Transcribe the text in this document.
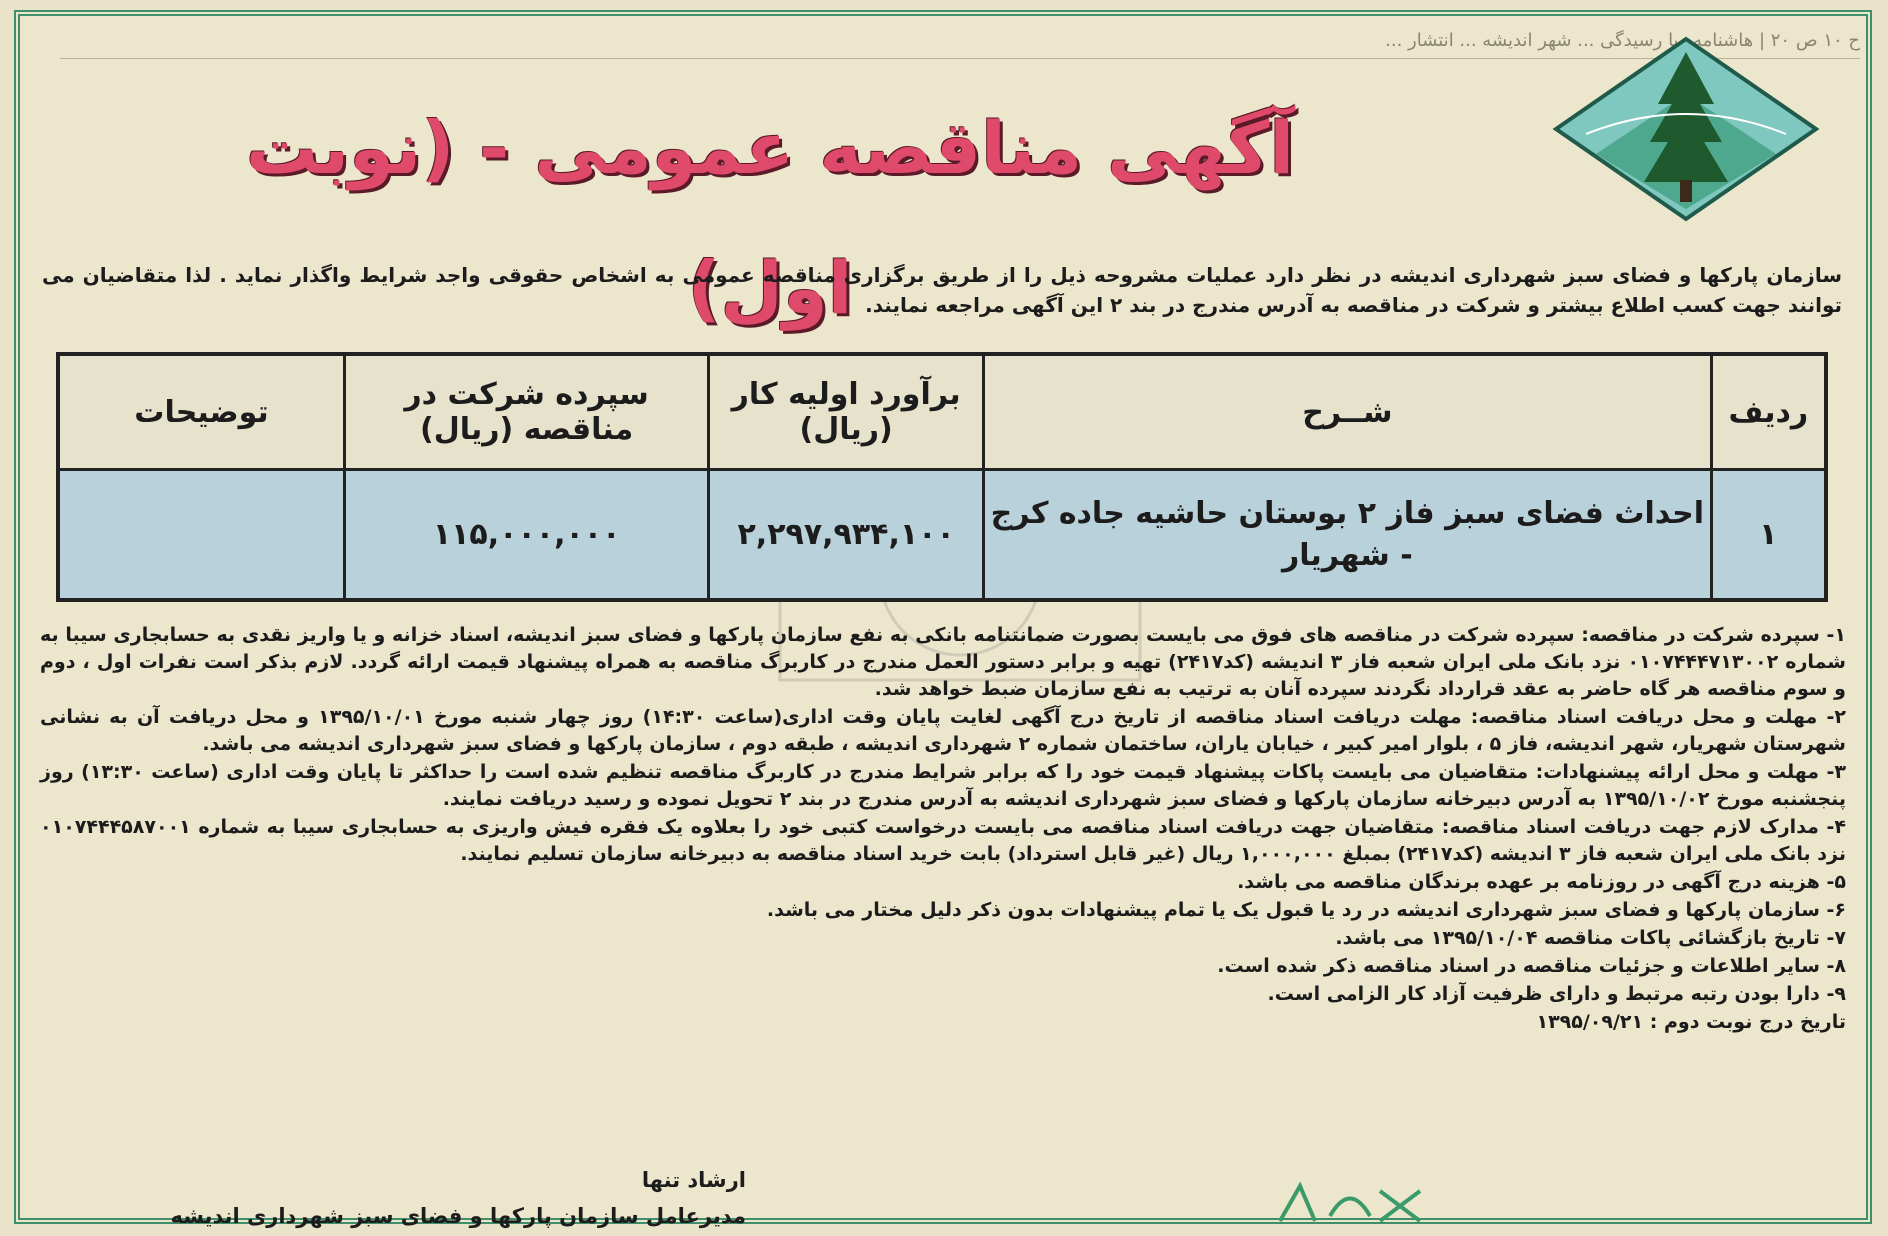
ح ۱۰ ص ۲۰ | هاشنامه ربا رسیدگی ... شهر اندیشه ... انتشار ...
آگهی مناقصه عمومی - (نوبت اول)
سازمان پارکها و فضای سبز شهرداری اندیشه در نظر دارد عملیات مشروحه ذیل را از طریق برگزاری مناقصه عمومی به اشخاص حقوقی واجد شرایط واگذار نماید . لذا متقاضیان می توانند جهت کسب اطلاع بیشتر و شرکت در مناقصه به آدرس مندرج در بند ۲ این آگهی مراجعه نمایند.
ردیف	شــرح	برآورد اولیه کار (ریال)	سپرده شرکت در مناقصه (ریال)	توضیحات
۱	احداث فضای سبز فاز ۲ بوستان حاشیه جاده کرج - شهریار	۲,۲۹۷,۹۳۴,۱۰۰	۱۱۵,۰۰۰,۰۰۰	

۱- سپرده شرکت در مناقصه: سپرده شرکت در مناقصه های فوق می بایست بصورت ضمانتنامه بانکی به نفع سازمان پارکها و فضای سبز اندیشه، اسناد خزانه و یا واریز نقدی به حسابجاری سیبا به شماره ۰۱۰۷۴۴۴۷۱۳۰۰۲ نزد بانک ملی ایران شعبه فاز ۳ اندیشه (کد۲۴۱۷) تهیه و برابر دستور العمل مندرج در کاربرگ مناقصه به همراه پیشنهاد قیمت ارائه گردد. لازم بذکر است نفرات اول ، دوم و سوم مناقصه هر گاه حاضر به عقد قرارداد نگردند سپرده آنان به ترتیب به نفع سازمان ضبط خواهد شد.

۲- مهلت و محل دریافت اسناد مناقصه: مهلت دریافت اسناد مناقصه از تاریخ درج آگهی لغایت پایان وقت اداری(ساعت ۱۴:۳۰) روز چهار شنبه مورخ ۱۳۹۵/۱۰/۰۱ و محل دریافت آن به نشانی شهرستان شهریار، شهر اندیشه، فاز ۵ ، بلوار امیر کبیر ، خیابان یاران، ساختمان شماره ۲ شهرداری اندیشه ، طبقه دوم ، سازمان پارکها و فضای سبز شهرداری اندیشه می باشد.

۳- مهلت و محل ارائه پیشنهادات: متقاضیان می بایست پاکات پیشنهاد قیمت خود را که برابر شرایط مندرج در کاربرگ مناقصه تنظیم شده است را حداکثر تا پایان وقت اداری (ساعت ۱۳:۳۰) روز پنجشنبه مورخ ۱۳۹۵/۱۰/۰۲ به آدرس دبیرخانه سازمان پارکها و فضای سبز شهرداری اندیشه به آدرس مندرج در بند ۲ تحویل نموده و رسید دریافت نمایند.

۴- مدارک لازم جهت دریافت اسناد مناقصه: متقاضیان جهت دریافت اسناد مناقصه می بایست درخواست کتبی خود را بعلاوه یک فقره فیش واریزی به حسابجاری سیبا به شماره ۰۱۰۷۴۴۴۵۸۷۰۰۱ نزد بانک ملی ایران شعبه فاز ۳ اندیشه (کد۲۴۱۷) بمبلغ ۱,۰۰۰,۰۰۰ ریال (غیر قابل استرداد) بابت خرید اسناد مناقصه به دبیرخانه سازمان تسلیم نمایند.

۵- هزینه درج آگهی در روزنامه بر عهده برندگان مناقصه می باشد.

۶- سازمان پارکها و فضای سبز شهرداری اندیشه در رد یا قبول یک یا تمام پیشنهادات بدون ذکر دلیل مختار می باشد.

۷- تاریخ بازگشائی پاکات مناقصه ۱۳۹۵/۱۰/۰۴ می باشد.

۸- سایر اطلاعات و جزئیات مناقصه در اسناد مناقصه ذکر شده است.

۹- دارا بودن رتبه مرتبط و دارای ظرفیت آزاد کار الزامی است.

تاریخ درج نوبت دوم : ۱۳۹۵/۰۹/۲۱

ارشاد تنها
مدیرعامل سازمان پارکها و فضای سبز شهرداری اندیشه
